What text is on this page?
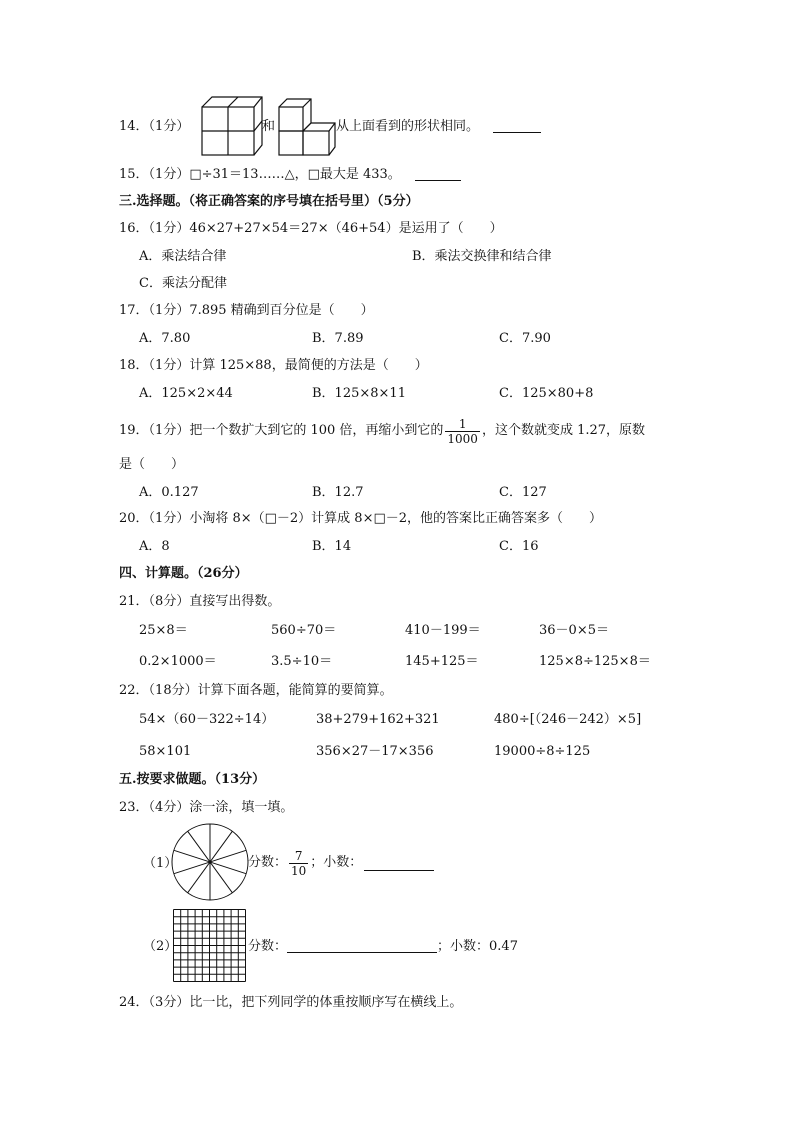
14．（1分）	和	从上面看到的形状相同。
15．（1分）□÷31＝13……△，□最大是 433。
三.选择题。（将正确答案的序号填在括号里）（5分）
16．（1分）46×27+27×54＝27×（46+54）是运用了（　　）
A．乘法结合律	B．乘法交换律和结合律
C．乘法分配律
17．（1分）7.895 精确到百分位是（　　）
A．7.80	B．7.89	C．7.90
18．（1分）计算 125×88，最简便的方法是（　　）
A．125×2×44	B．125×8×11	C．125×80+8
19．（1分）把一个数扩大到它的 100 倍，再缩小到它的 $\frac{1}{1000}$ ，这个数就变成 1.27，原数
是（　　）
A．0.127	B．12.7	C．127
20．（1分）小淘将 8×（□－2）计算成 8×□－2，他的答案比正确答案多（　　）
A．8	B．14	C．16
四、计算题。（26分）
21．（8分）直接写出得数。
25×8＝	560÷70＝	410－199＝	36－0×5＝
0.2×1000＝	3.5÷10＝	145+125＝	125×8÷125×8＝
22．（18分）计算下面各题，能简算的要简算。
54×（60－322÷14）	38+279+162+321	480÷[（246－242）×5]
58×101	356×27－17×356	19000÷8÷125
五.按要求做题。（13分）
23．（4分）涂一涂，填一填。
（1）	分数： $\frac{7}{10}$ ；小数：
（2）	分数：	；小数：0.47
24．（3分）比一比，把下列同学的体重按顺序写在横线上。
